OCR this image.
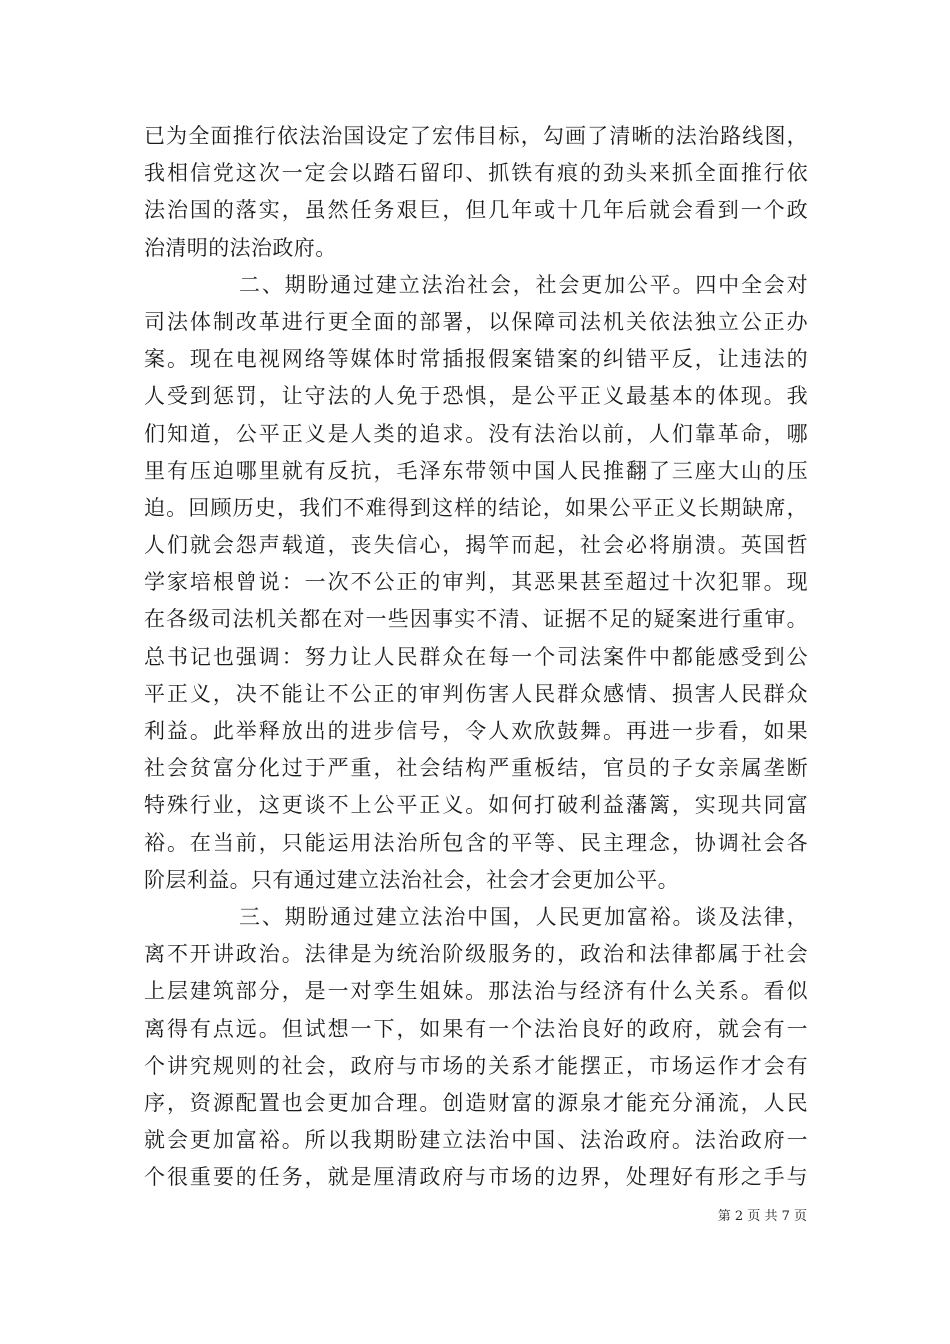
已为全面推行依法治国设定了宏伟目标，勾画了清晰的法治路线图，
我相信党这次一定会以踏石留印、抓铁有痕的劲头来抓全面推行依
法治国的落实，虽然任务艰巨，但几年或十几年后就会看到一个政
治清明的法治政府。
二、期盼通过建立法治社会，社会更加公平。四中全会对
司法体制改革进行更全面的部署，以保障司法机关依法独立公正办
案。现在电视网络等媒体时常插报假案错案的纠错平反，让违法的
人受到惩罚，让守法的人免于恐惧，是公平正义最基本的体现。我
们知道，公平正义是人类的追求。没有法治以前，人们靠革命，哪
里有压迫哪里就有反抗，毛泽东带领中国人民推翻了三座大山的压
迫。回顾历史，我们不难得到这样的结论，如果公平正义长期缺席，
人们就会怨声载道，丧失信心，揭竿而起，社会必将崩溃。英国哲
学家培根曾说：一次不公正的审判，其恶果甚至超过十次犯罪。现
在各级司法机关都在对一些因事实不清、证据不足的疑案进行重审。
总书记也强调：努力让人民群众在每一个司法案件中都能感受到公
平正义，决不能让不公正的审判伤害人民群众感情、损害人民群众
利益。此举释放出的进步信号，令人欢欣鼓舞。再进一步看，如果
社会贫富分化过于严重，社会结构严重板结，官员的子女亲属垄断
特殊行业，这更谈不上公平正义。如何打破利益藩篱，实现共同富
裕。在当前，只能运用法治所包含的平等、民主理念，协调社会各
阶层利益。只有通过建立法治社会，社会才会更加公平。
三、期盼通过建立法治中国，人民更加富裕。谈及法律，
离不开讲政治。法律是为统治阶级服务的，政治和法律都属于社会
上层建筑部分，是一对孪生姐妹。那法治与经济有什么关系。看似
离得有点远。但试想一下，如果有一个法治良好的政府，就会有一
个讲究规则的社会，政府与市场的关系才能摆正，市场运作才会有
序，资源配置也会更加合理。创造财富的源泉才能充分涌流，人民
就会更加富裕。所以我期盼建立法治中国、法治政府。法治政府一
个很重要的任务，就是厘清政府与市场的边界，处理好有形之手与
第 2 页 共 7 页
